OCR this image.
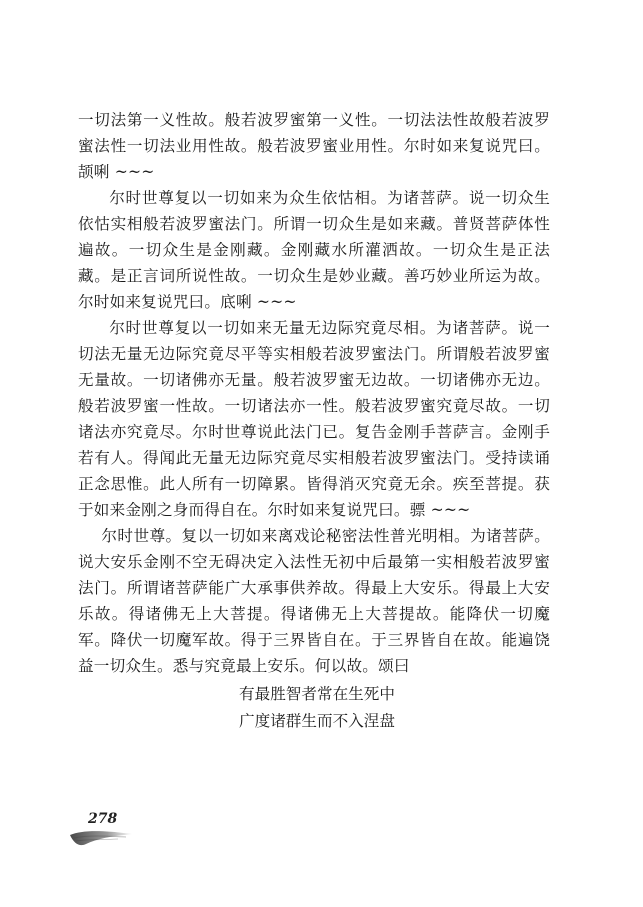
一切法第一义性故。般若波罗蜜第一义性。一切法法性故般若波罗蜜法性一切法业用性故。般若波罗蜜业用性。尔时如来复说咒曰。 颉唎 ~~~

尔时世尊复以一切如来为众生依怙相。为诸菩萨。说一切众生依怙实相般若波罗蜜法门。所谓一切众生是如来藏。普贤菩萨体性遍故。一切众生是金刚藏。金刚藏水所灌洒故。一切众生是正法藏。是正言词所说性故。一切众生是妙业藏。善巧妙业所运为故。尔时如来复说咒曰。底唎 ~~~

尔时世尊复以一切如来无量无边际究竟尽相。为诸菩萨。说一切法无量无边际究竟尽平等实相般若波罗蜜法门。所谓般若波罗蜜无量故。一切诸佛亦无量。般若波罗蜜无边故。一切诸佛亦无边。般若波罗蜜一性故。一切诸法亦一性。般若波罗蜜究竟尽故。一切诸法亦究竟尽。尔时世尊说此法门已。复告金刚手菩萨言。金刚手若有人。得闻此无量无边际究竟尽实相般若波罗蜜法门。受持读诵正念思惟。此人所有一切障累。皆得消灭究竟无余。疾至菩提。获于如来金刚之身而得自在。尔时如来复说咒曰。骠 ~~~

尔时世尊。复以一切如来离戏论秘密法性普光明相。为诸菩萨。说大安乐金刚不空无碍决定入法性无初中后最第一实相般若波罗蜜法门。所谓诸菩萨能广大承事供养故。得最上大安乐。得最上大安乐故。得诸佛无上大菩提。得诸佛无上大菩提故。能降伏一切魔军。降伏一切魔军故。得于三界皆自在。于三界皆自在故。能遍饶益一切众生。悉与究竟最上安乐。何以故。颂曰

有最胜智者常在生死中

广度诸群生而不入涅盘

278
